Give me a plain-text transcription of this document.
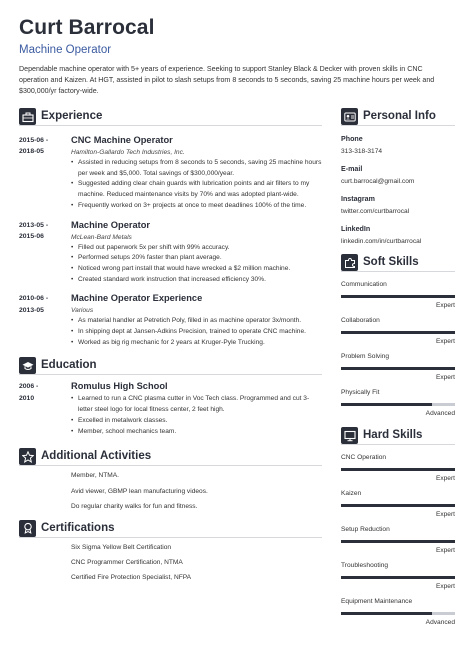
Curt Barrocal
Machine Operator
Dependable machine operator with 5+ years of experience. Seeking to support Stanley Black & Decker with proven skills in CNC operation and Kaizen. At HGT, assisted in pilot to slash setups from 8 seconds to 5 seconds, saving 25 machine hours per week and $300,000/yr factory-wide.
Experience
2015-06 -
2018-05
CNC Machine Operator
Hamilton-Gallardo Tech Industries, Inc.
• Assisted in reducing setups from 8 seconds to 5 seconds, saving 25 machine hours per week and $5,000. Total savings of $300,000/year.
• Suggested adding clear chain guards with lubrication points and air filters to my machine. Reduced maintenance visits by 70% and was adopted plant-wide.
• Frequently worked on 3+ projects at once to meet deadlines 100% of the time.
2013-05 -
2015-06
Machine Operator
McLean-Bard Metals
• Filled out paperwork 5x per shift with 99% accuracy.
• Performed setups 20% faster than plant average.
• Noticed wrong part install that would have wrecked a $2 million machine.
• Created standard work instruction that increased efficiency 30%.
2010-06 -
2013-05
Machine Operator Experience
Various
• As material handler at Petretich Poly, filled in as machine operator 3x/month.
• In shipping dept at Jansen-Adkins Precision, trained to operate CNC machine.
• Worked as big rig mechanic for 2 years at Kruger-Pyle Trucking.
Education
2006 -
2010
Romulus High School
• Learned to run a CNC plasma cutter in Voc Tech class. Programmed and cut 3-letter steel logo for local fitness center, 2 feet high.
• Excelled in metalwork classes.
• Member, school mechanics team.
Additional Activities
Member, NTMA.
Avid viewer, GBMP lean manufacturing videos.
Do regular charity walks for fun and fitness.
Certifications
Six Sigma Yellow Belt Certification
CNC Programmer Certification, NTMA
Certified Fire Protection Specialist, NFPA
Personal Info
Phone
313-318-3174
E-mail
curt.barrocal@gmail.com
Instagram
twitter.com/curtbarrocal
LinkedIn
linkedin.com/in/curtbarrocal
Soft Skills
Communication
Expert
Collaboration
Expert
Problem Solving
Expert
Physically Fit
Advanced
Hard Skills
CNC Operation
Expert
Kaizen
Expert
Setup Reduction
Expert
Troubleshooting
Expert
Equipment Maintenance
Advanced
